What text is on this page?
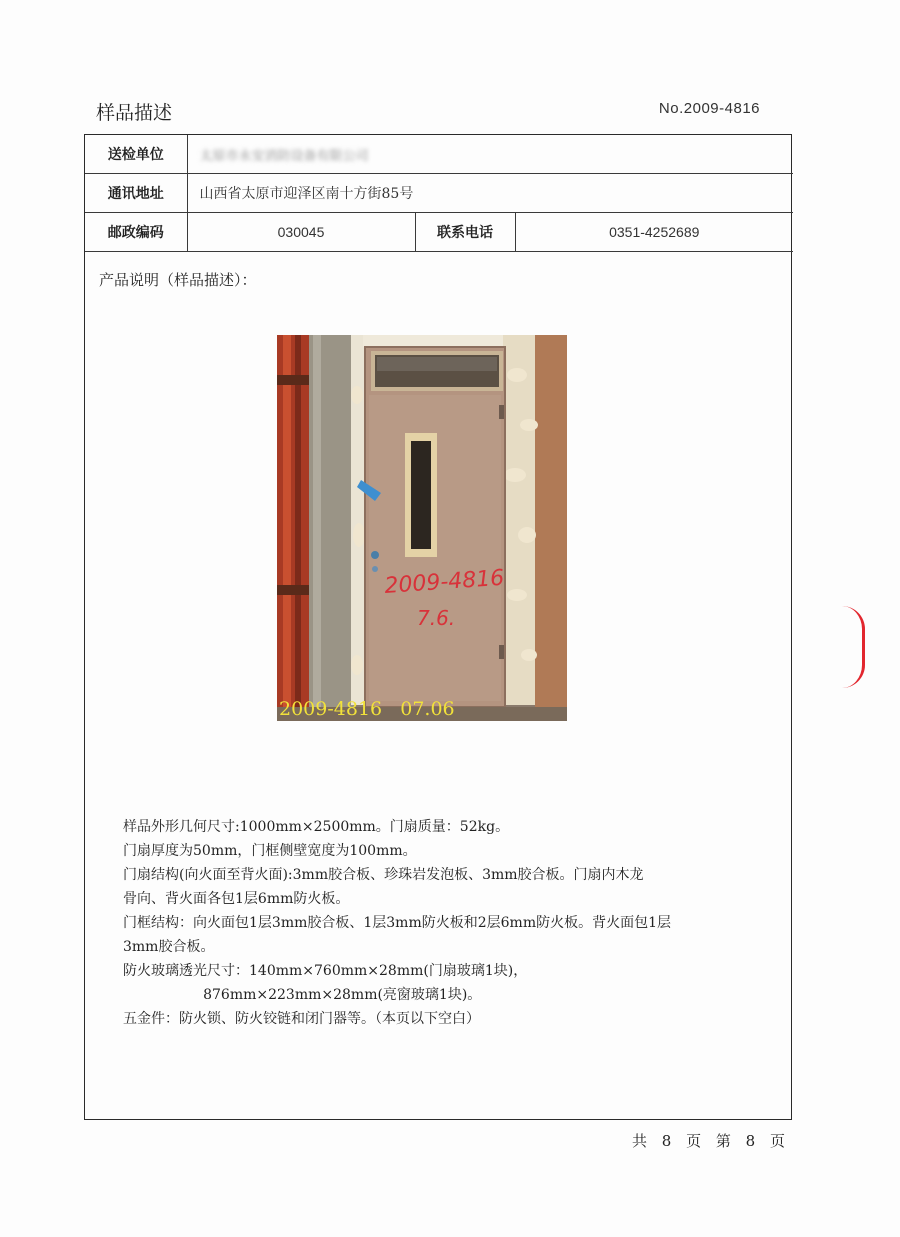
样品描述	No.2009-4816
送检单位	太原市永安消防设备有限公司		
通讯地址	山西省太原市迎泽区南十方街85号		
邮政编码	030045	联系电话	0351-4252689
产品说明（样品描述）：
2009-4816
7.6.
2009-4816   07.06
样品外形几何尺寸:1000mm×2500mm。门扇质量：52kg。
门扇厚度为50mm，门框侧壁宽度为100mm。
门扇结构(向火面至背火面):3mm胶合板、珍珠岩发泡板、3mm胶合板。门扇内木龙
骨向、背火面各包1层6mm防火板。
门框结构：向火面包1层3mm胶合板、1层3mm防火板和2层6mm防火板。背火面包1层
3mm胶合板。
防火玻璃透光尺寸：140mm×760mm×28mm(门扇玻璃1块)，
876mm×223mm×28mm(亮窗玻璃1块)。
五金件：防火锁、防火铰链和闭门器等。（本页以下空白）
共 8 页 第 8 页
